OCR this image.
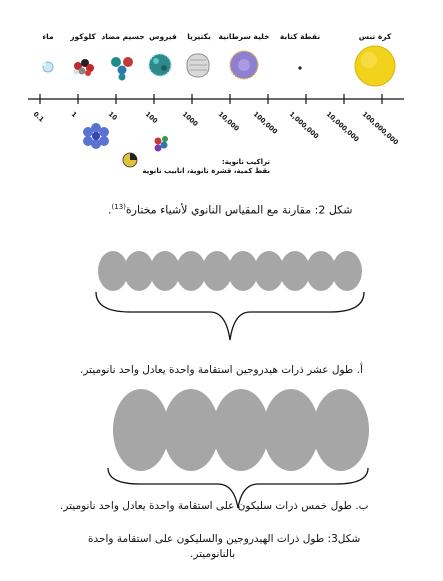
ماء كلوكوز جسيم مضاد فيروس بكتيريا خلية سرطانية نقطة كتابة	كرة تنس
0.1	1	10	100	1000	10,000 100,000 1,000,000 10,000,000 100,000,000
تراكيب نانوية:
نقط كمية، قشرة نانوية، انابيب نانوية
شكل 2: مقارنة مع المقياس النانوي لأشياء مختارة$^{(13)}$.
أ. طول عشر ذرات هيدروجين استقامة واحدة يعادل واحد نانوميتر.
ب. طول خمس ذرات سليكون على استقامة واحدة يعادل واحد نانوميتر.
شكل3: طول ذرات الهيدروجين والسليكون على استقامة واحدة
بالنانوميتر.
